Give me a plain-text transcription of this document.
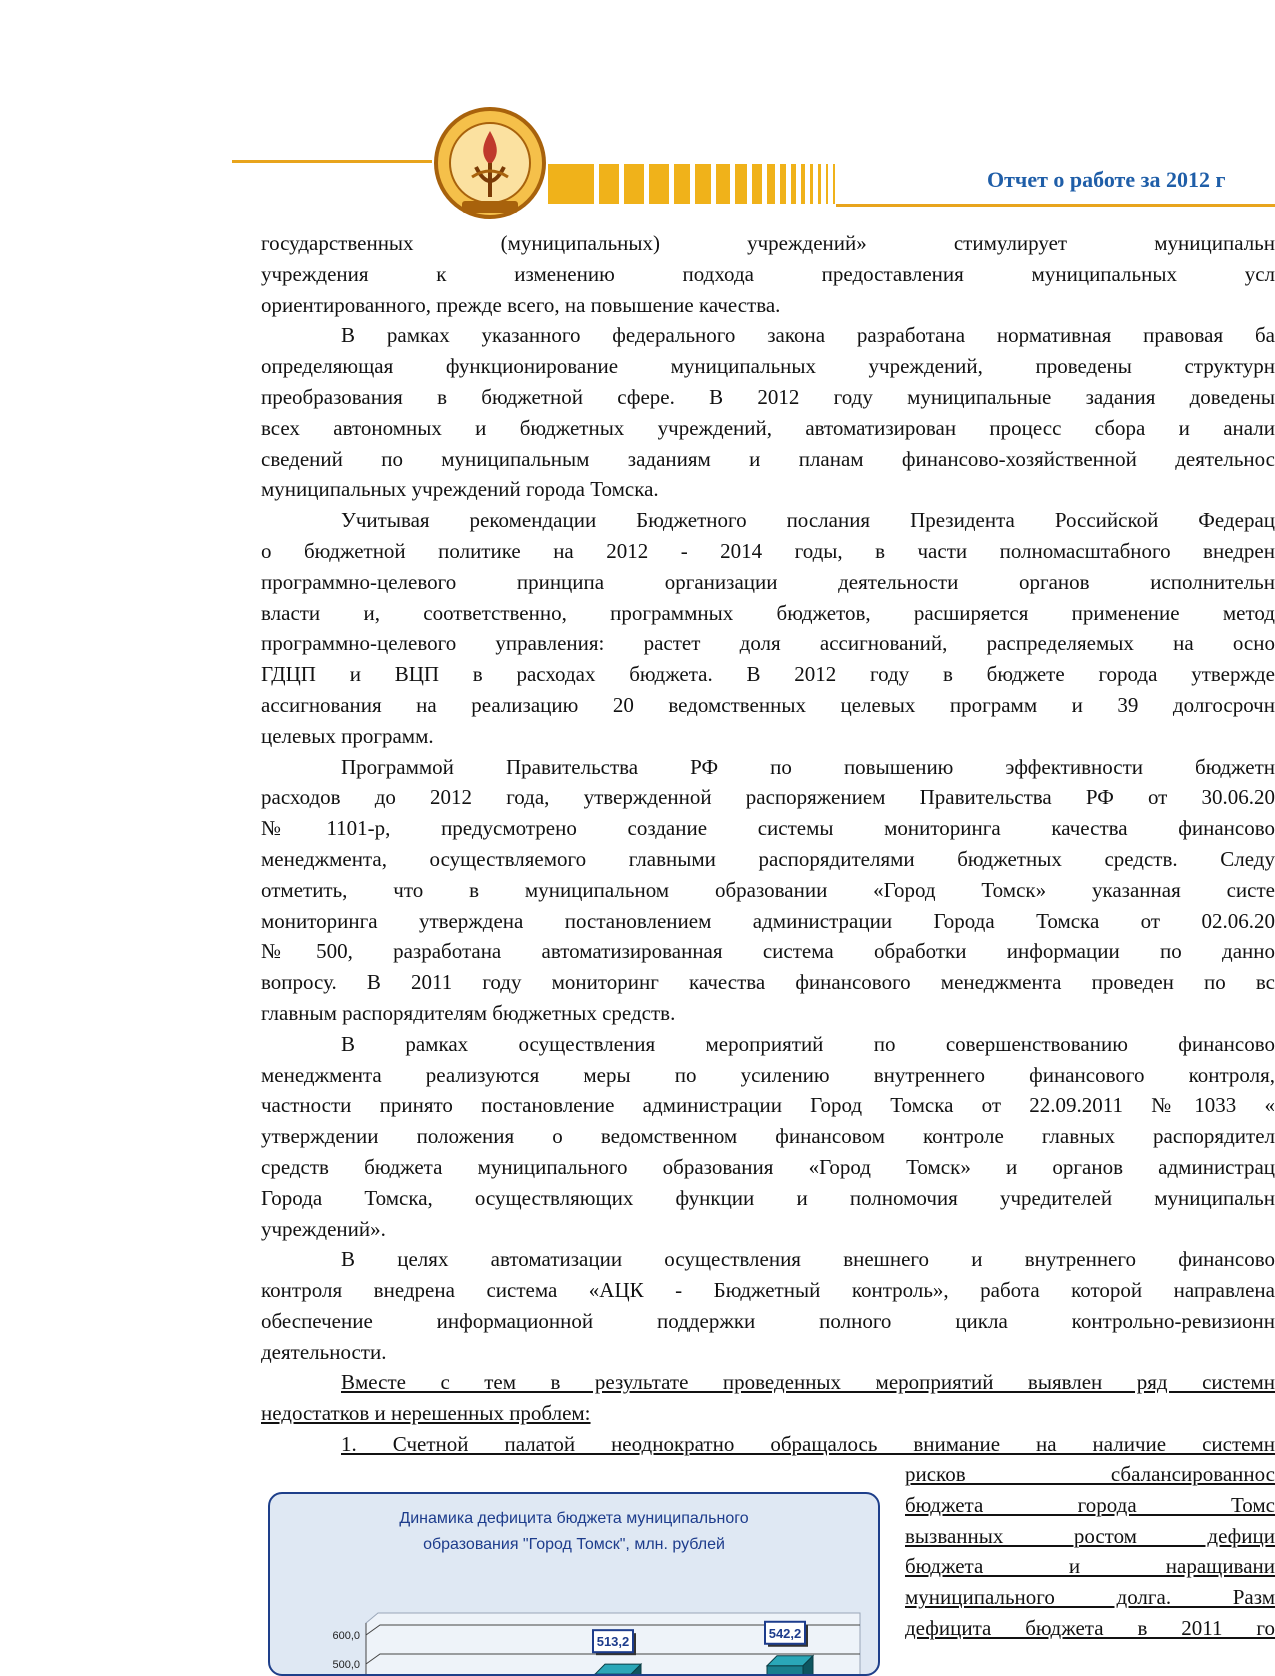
Отчет о работе за 2012 г
государственных (муниципальных) учреждений» стимулирует муниципальн
учреждения к изменению подхода предоставления муниципальных усл
ориентированного, прежде всего, на повышение качества.
В рамках указанного федерального закона разработана нормативная правовая ба
определяющая функционирование муниципальных учреждений, проведены структурн
преобразования в бюджетной сфере. В 2012 году муниципальные задания доведены
всех автономных и бюджетных учреждений, автоматизирован процесс сбора и анали
сведений по муниципальным заданиям и планам финансово-хозяйственной деятельнос
муниципальных учреждений города Томска.
Учитывая рекомендации Бюджетного послания Президента Российской Федерац
о бюджетной политике на 2012 - 2014 годы, в части полномасштабного внедрен
программно-целевого принципа организации деятельности органов исполнительн
власти и, соответственно, программных бюджетов, расширяется применение метод
программно-целевого управления: растет доля ассигнований, распределяемых на осно
ГДЦП и ВЦП в расходах бюджета. В 2012 году в бюджете города утвержде
ассигнования на реализацию 20 ведомственных целевых программ и 39 долгосрочн
целевых программ.
Программой Правительства РФ по повышению эффективности бюджетн
расходов до 2012 года, утвержденной распоряжением Правительства РФ от 30.06.20
№1101-р, предусмотрено создание системы мониторинга качества финансово
менеджмента, осуществляемого главными распорядителями бюджетных средств. Следу
отметить, что в муниципальном образовании «Город Томск» указанная систе
мониторинга утверждена постановлением администрации Города Томска от 02.06.20
№500, разработана автоматизированная система обработки информации по данно
вопросу. В 2011 году мониторинг качества финансового менеджмента проведен по вс
главным распорядителям бюджетных средств.
В рамках осуществления мероприятий по совершенствованию финансово
менеджмента реализуются меры по усилению внутреннего финансового контроля,
частности принято постановление администрации Город Томска от 22.09.2011 №1033 «
утверждении положения о ведомственном финансовом контроле главных распорядител
средств бюджета муниципального образования «Город Томск» и органов администрац
Города Томска, осуществляющих функции и полномочия учредителей муниципальн
учреждений».
В целях автоматизации осуществления внешнего и внутреннего финансово
контроля внедрена система «АЦК - Бюджетный контроль», работа которой направлена
обеспечение информационной поддержки полного цикла контрольно-ревизионн
деятельности.
Вместе с тем в результате проведенных мероприятий выявлен ряд системн
недостатков и нерешенных проблем:
1. Счетной палатой неоднократно обращалось внимание на наличие системн
рисков сбалансированнос
бюджета города Томс
вызванных ростом дефици
бюджета и наращивани
муниципального долга. Разм
дефицита бюджета в 2011 го
Динамика дефицита бюджета муниципального
образования "Город Томск", млн. рублей
600,0
500,0
513,2
542,2
